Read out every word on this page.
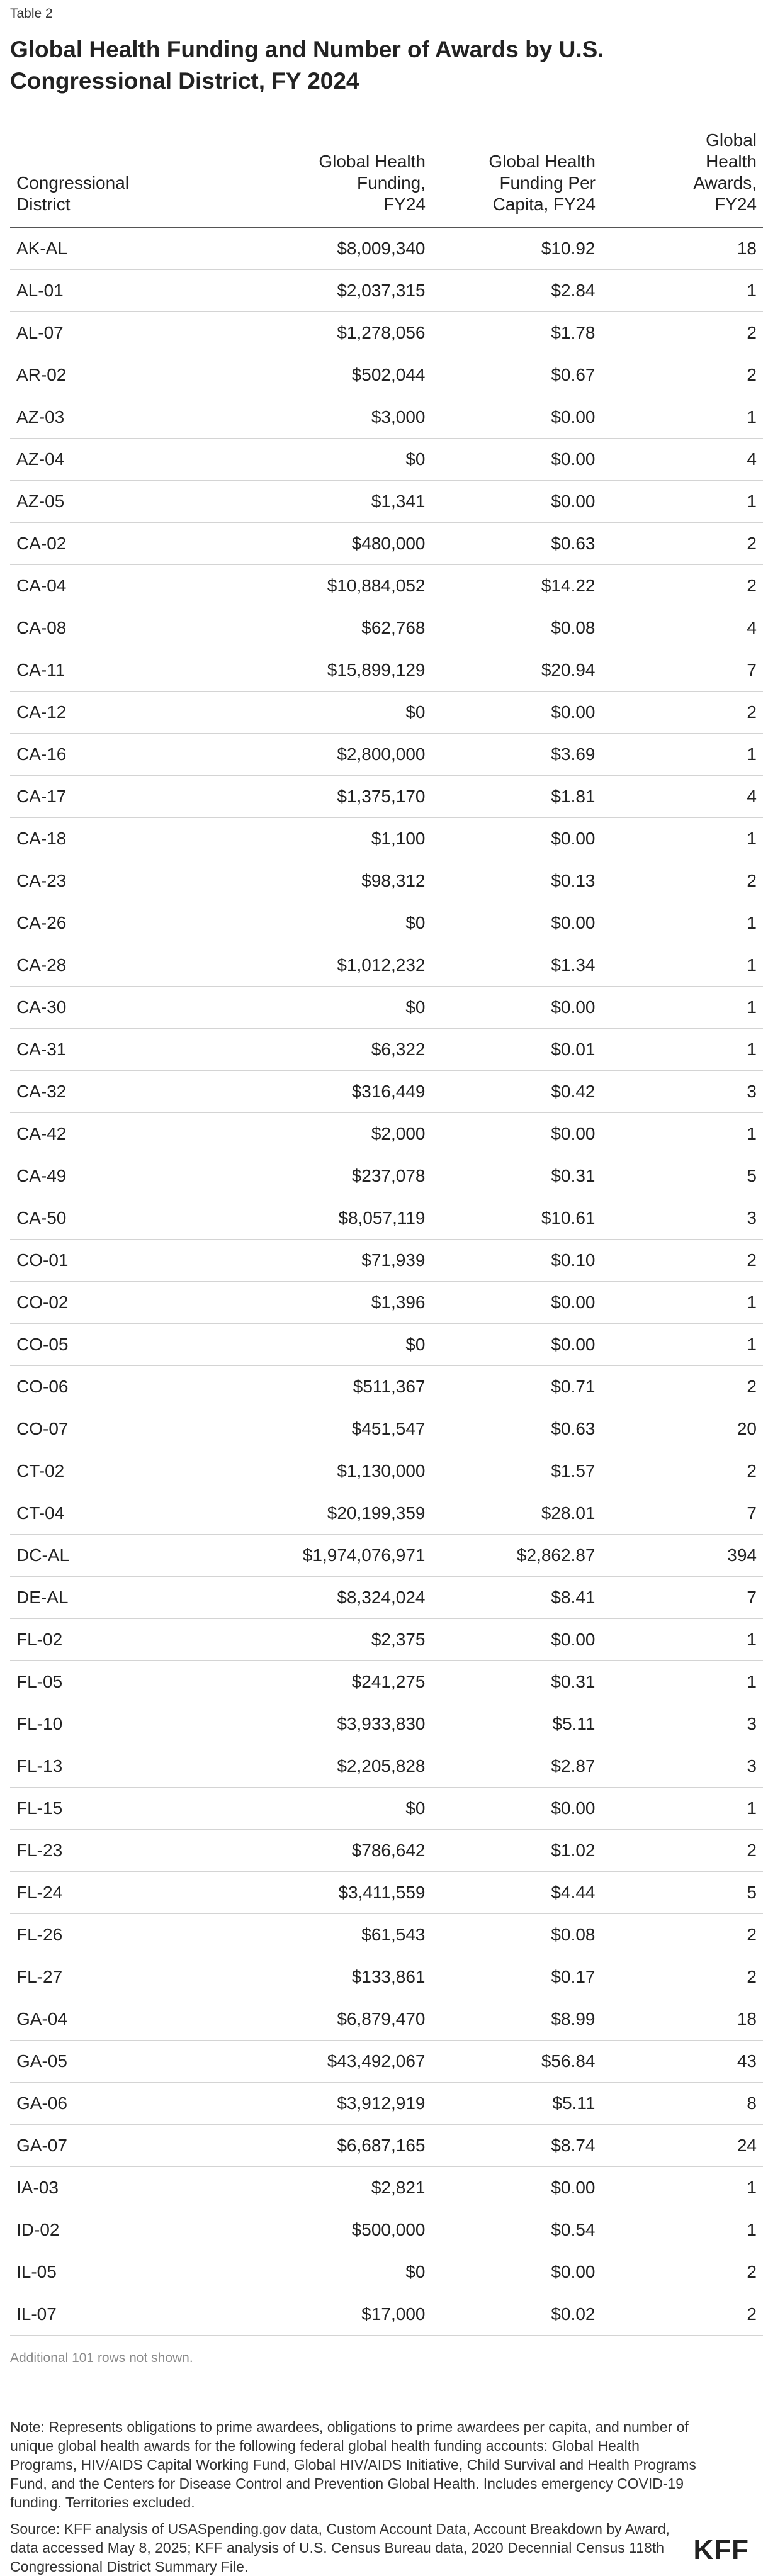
Table 2
Global Health Funding and Number of Awards by U.S. Congressional District, FY 2024
Congressional District	Global Health Funding, FY24	Global Health Funding Per Capita, FY24	Global Health Awards, FY24
AK-AL	$8,009,340	$10.92	18
AL-01	$2,037,315	$2.84	1
AL-07	$1,278,056	$1.78	2
AR-02	$502,044	$0.67	2
AZ-03	$3,000	$0.00	1
AZ-04	$0	$0.00	4
AZ-05	$1,341	$0.00	1
CA-02	$480,000	$0.63	2
CA-04	$10,884,052	$14.22	2
CA-08	$62,768	$0.08	4
CA-11	$15,899,129	$20.94	7
CA-12	$0	$0.00	2
CA-16	$2,800,000	$3.69	1
CA-17	$1,375,170	$1.81	4
CA-18	$1,100	$0.00	1
CA-23	$98,312	$0.13	2
CA-26	$0	$0.00	1
CA-28	$1,012,232	$1.34	1
CA-30	$0	$0.00	1
CA-31	$6,322	$0.01	1
CA-32	$316,449	$0.42	3
CA-42	$2,000	$0.00	1
CA-49	$237,078	$0.31	5
CA-50	$8,057,119	$10.61	3
CO-01	$71,939	$0.10	2
CO-02	$1,396	$0.00	1
CO-05	$0	$0.00	1
CO-06	$511,367	$0.71	2
CO-07	$451,547	$0.63	20
CT-02	$1,130,000	$1.57	2
CT-04	$20,199,359	$28.01	7
DC-AL	$1,974,076,971	$2,862.87	394
DE-AL	$8,324,024	$8.41	7
FL-02	$2,375	$0.00	1
FL-05	$241,275	$0.31	1
FL-10	$3,933,830	$5.11	3
FL-13	$2,205,828	$2.87	3
FL-15	$0	$0.00	1
FL-23	$786,642	$1.02	2
FL-24	$3,411,559	$4.44	5
FL-26	$61,543	$0.08	2
FL-27	$133,861	$0.17	2
GA-04	$6,879,470	$8.99	18
GA-05	$43,492,067	$56.84	43
GA-06	$3,912,919	$5.11	8
GA-07	$6,687,165	$8.74	24
IA-03	$2,821	$0.00	1
ID-02	$500,000	$0.54	1
IL-05	$0	$0.00	2
IL-07	$17,000	$0.02	2
Additional 101 rows not shown.
Note: Represents obligations to prime awardees, obligations to prime awardees per capita, and number of unique global health awards for the following federal global health funding accounts: Global Health Programs, HIV/AIDS Capital Working Fund, Global HIV/AIDS Initiative, Child Survival and Health Programs Fund, and the Centers for Disease Control and Prevention Global Health. Includes emergency COVID-19 funding. Territories excluded.
Source: KFF analysis of USASpending.gov data, Custom Account Data, Account Breakdown by Award, data accessed May 8, 2025; KFF analysis of U.S. Census Bureau data, 2020 Decennial Census 118th Congressional District Summary File.
KFF
